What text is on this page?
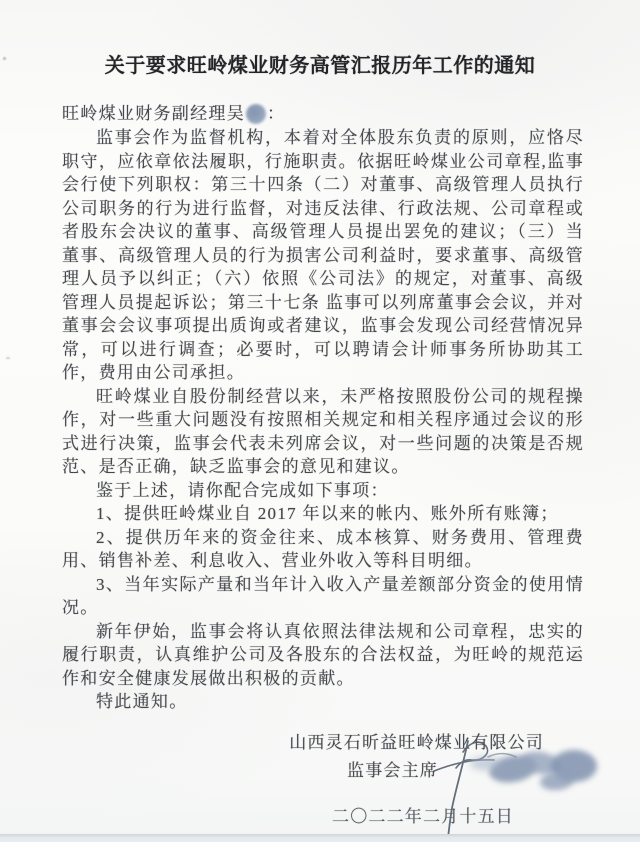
关于要求旺岭煤业财务高管汇报历年工作的通知
旺岭煤业财务副经理吴 ：

监事会作为监督机构，本着对全体股东负责的原则，应恪尽职守，应依章依法履职，行施职责。依据旺岭煤业公司章程,监事会行使下列职权：第三十四条（二）对董事、高级管理人员执行公司职务的行为进行监督，对违反法律、行政法规、公司章程或者股东会决议的董事、高级管理人员提出罢免的建议；（三）当董事、高级管理人员的行为损害公司利益时，要求董事、高级管理人员予以纠正；（六）依照《公司法》的规定，对董事、高级管理人员提起诉讼；第三十七条 监事可以列席董事会会议，并对董事会会议事项提出质询或者建议，监事会发现公司经营情况异常，可以进行调查；必要时，可以聘请会计师事务所协助其工作，费用由公司承担。

旺岭煤业自股份制经营以来，未严格按照股份公司的规程操作，对一些重大问题没有按照相关规定和相关程序通过会议的形式进行决策，监事会代表未列席会议，对一些问题的决策是否规范、是否正确，缺乏监事会的意见和建议。

鉴于上述，请你配合完成如下事项：

1、提供旺岭煤业自 2017 年以来的帐内、账外所有账簿；

2、提供历年来的资金往来、成本核算、财务费用、管理费用、销售补差、利息收入、营业外收入等科目明细。

3、当年实际产量和当年计入收入产量差额部分资金的使用情况。

新年伊始，监事会将认真依照法律法规和公司章程，忠实的履行职责，认真维护公司及各股东的合法权益，为旺岭的规范运作和安全健康发展做出积极的贡献。

特此通知。

山西灵石昕益旺岭煤业有限公司
监事会主席
二〇二二年二月十五日
